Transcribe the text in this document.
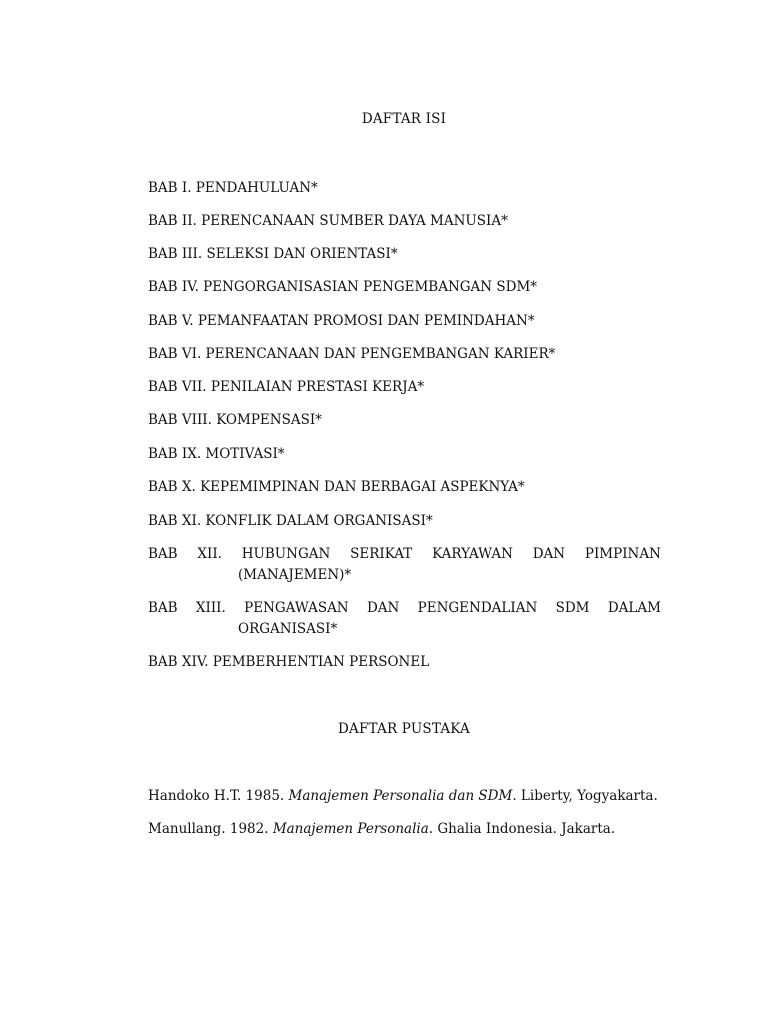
DAFTAR ISI
BAB I. PENDAHULUAN*
BAB II. PERENCANAAN SUMBER DAYA MANUSIA*
BAB III. SELEKSI DAN ORIENTASI*
BAB IV. PENGORGANISASIAN PENGEMBANGAN SDM*
BAB V. PEMANFAATAN PROMOSI DAN PEMINDAHAN*
BAB VI. PERENCANAAN DAN PENGEMBANGAN KARIER*
BAB VII. PENILAIAN PRESTASI KERJA*
BAB VIII. KOMPENSASI*
BAB IX. MOTIVASI*
BAB X. KEPEMIMPINAN DAN BERBAGAI ASPEKNYA*
BAB XI. KONFLIK DALAM ORGANISASI*
BAB XII. HUBUNGAN SERIKAT KARYAWAN DAN PIMPINAN
(MANAJEMEN)*
BAB XIII. PENGAWASAN DAN PENGENDALIAN SDM DALAM
ORGANISASI*
BAB XIV. PEMBERHENTIAN PERSONEL
DAFTAR PUSTAKA
Handoko H.T. 1985. Manajemen Personalia dan SDM. Liberty, Yogyakarta.
Manullang. 1982. Manajemen Personalia. Ghalia Indonesia. Jakarta.
